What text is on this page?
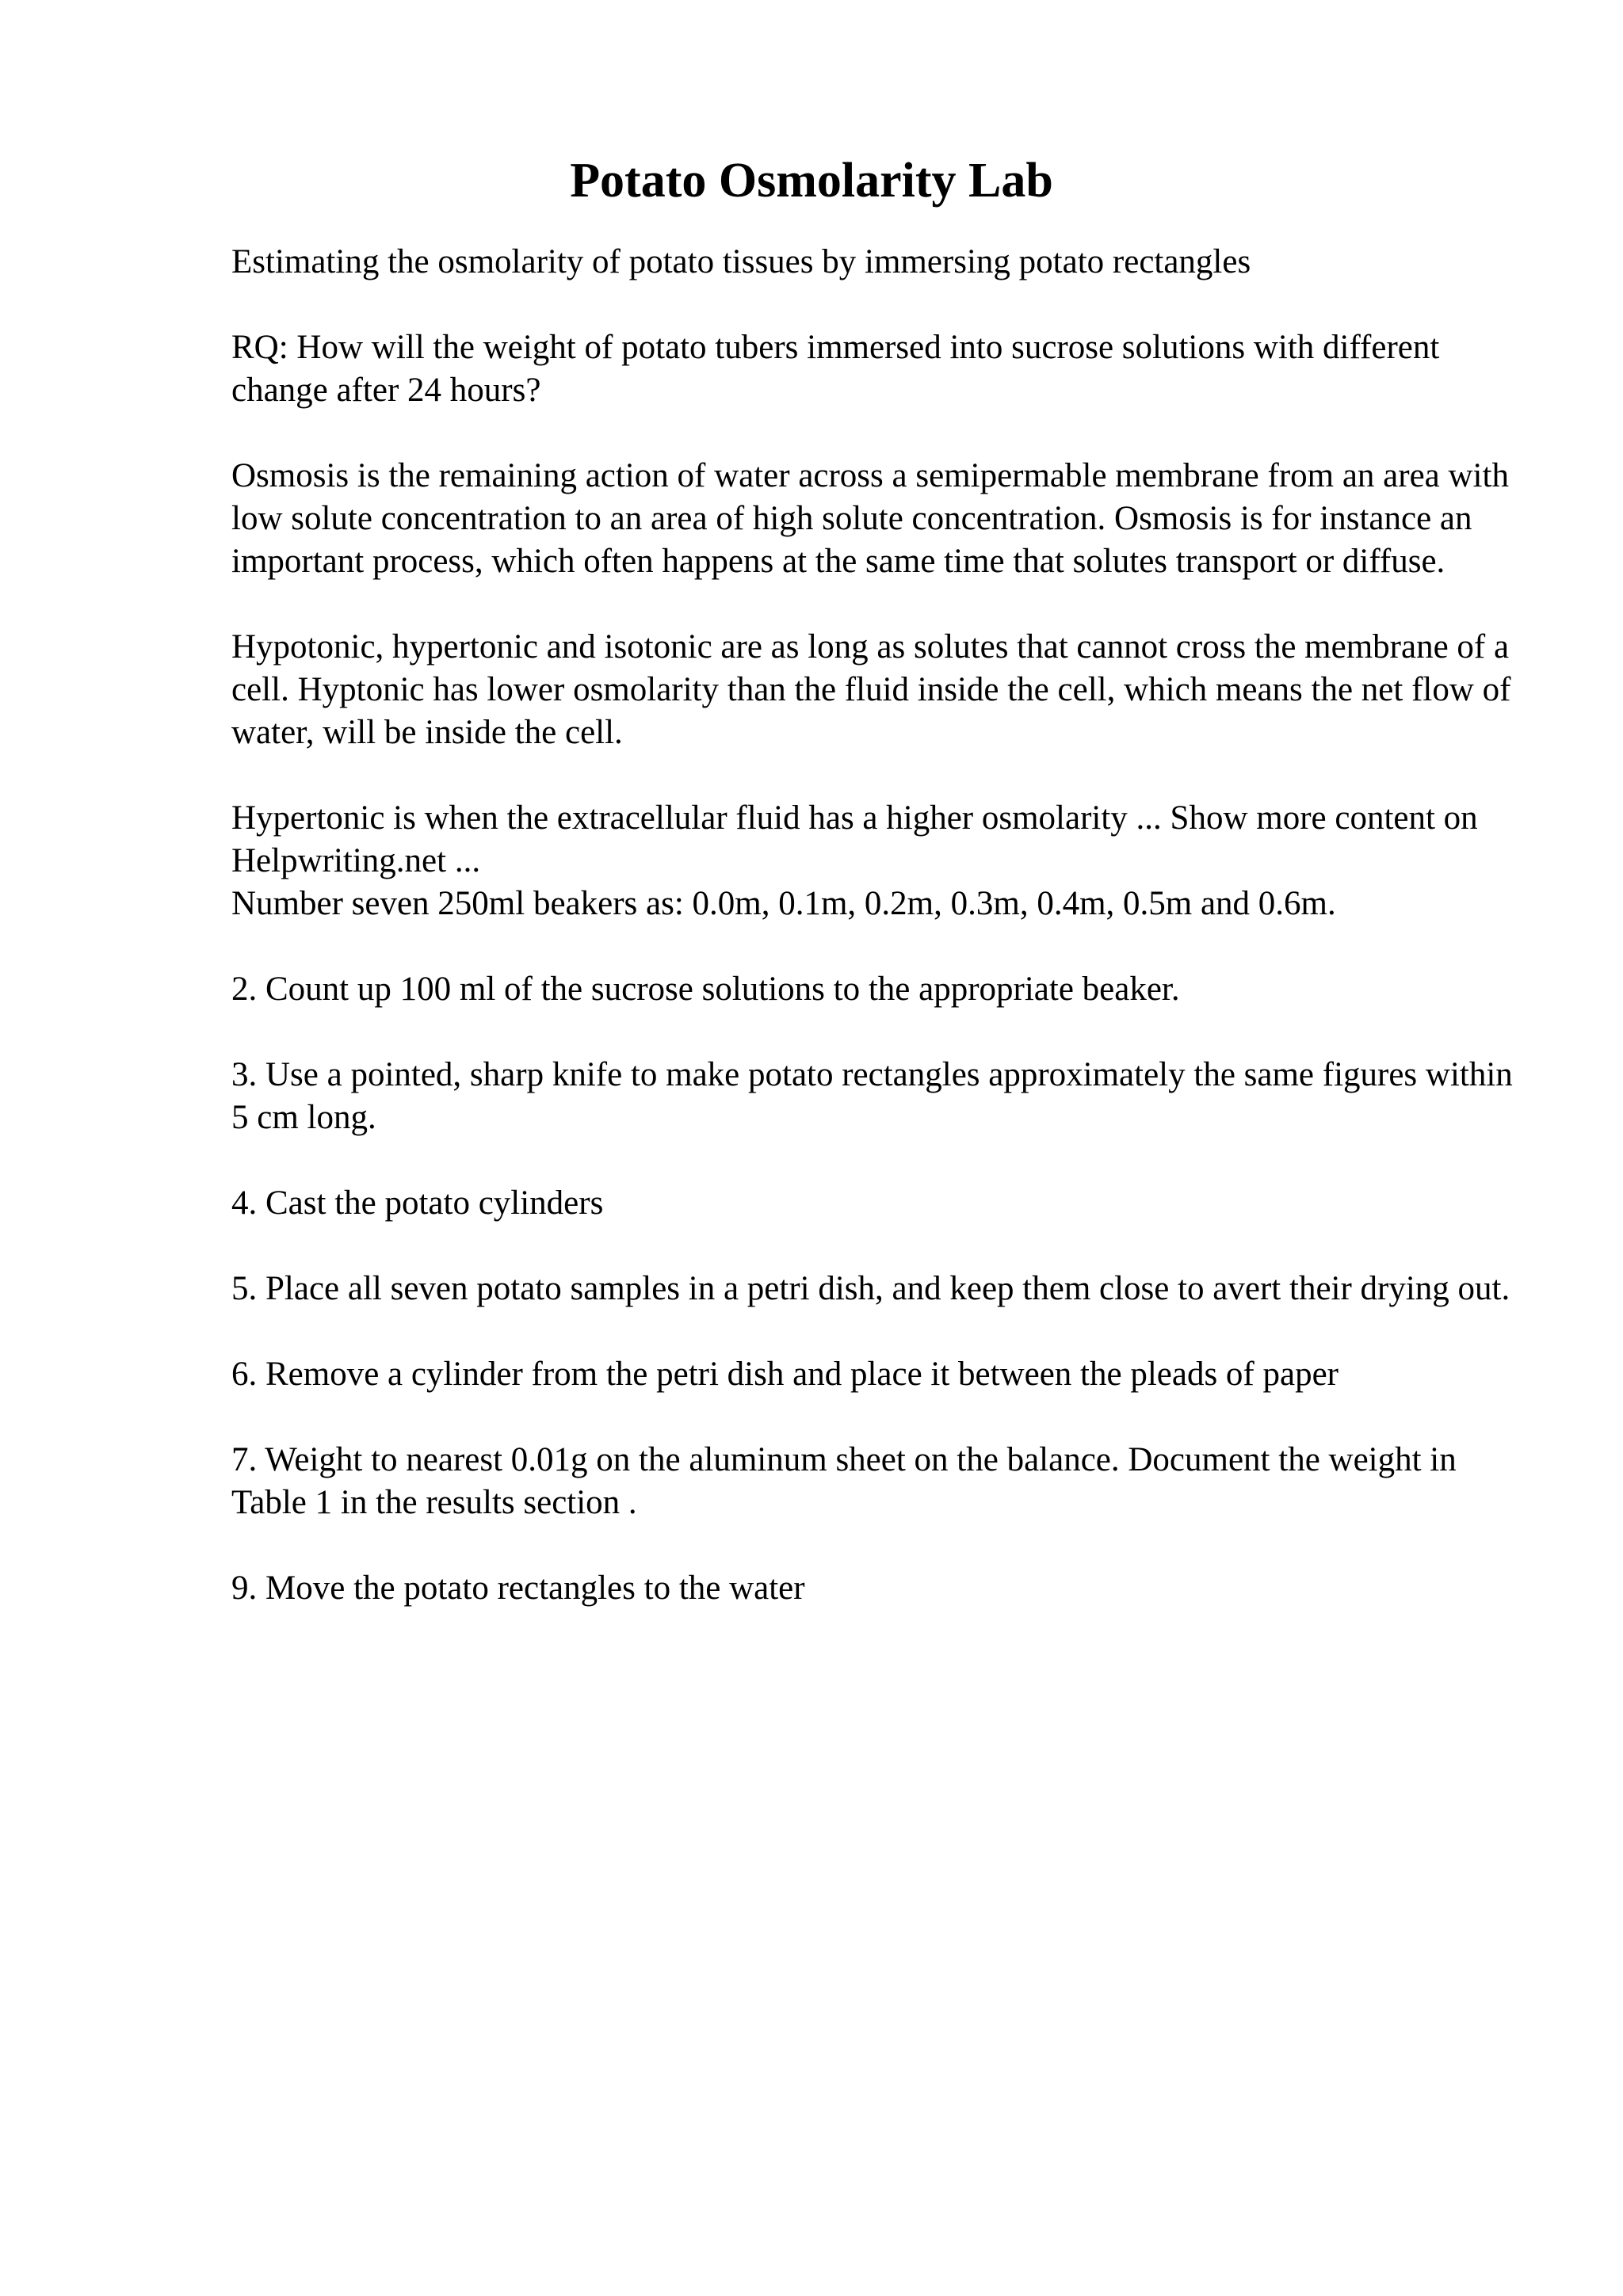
Potato Osmolarity Lab

Estimating the osmolarity of potato tissues by immersing potato rectangles

RQ: How will the weight of potato tubers immersed into sucrose solutions with different change after 24 hours?

Osmosis is the remaining action of water across a semipermable membrane from an area with low solute concentration to an area of high solute concentration. Osmosis is for instance an important process, which often happens at the same time that solutes transport or diffuse.

Hypotonic, hypertonic and isotonic are as long as solutes that cannot cross the membrane of a cell. Hyptonic has lower osmolarity than the fluid inside the cell, which means the net flow of water, will be inside the cell.

Hypertonic is when the extracellular fluid has a higher osmolarity ... Show more content on Helpwriting.net ...

Number seven 250ml beakers as: 0.0m, 0.1m, 0.2m, 0.3m, 0.4m, 0.5m and 0.6m.

2. Count up 100 ml of the sucrose solutions to the appropriate beaker.

3. Use a pointed, sharp knife to make potato rectangles approximately the same figures within 5 cm long.

4. Cast the potato cylinders

5. Place all seven potato samples in a petri dish, and keep them close to avert their drying out.

6. Remove a cylinder from the petri dish and place it between the pleads of paper

7. Weight to nearest 0.01g on the aluminum sheet on the balance. Document the weight in Table 1 in the results section .

9. Move the potato rectangles to the water
